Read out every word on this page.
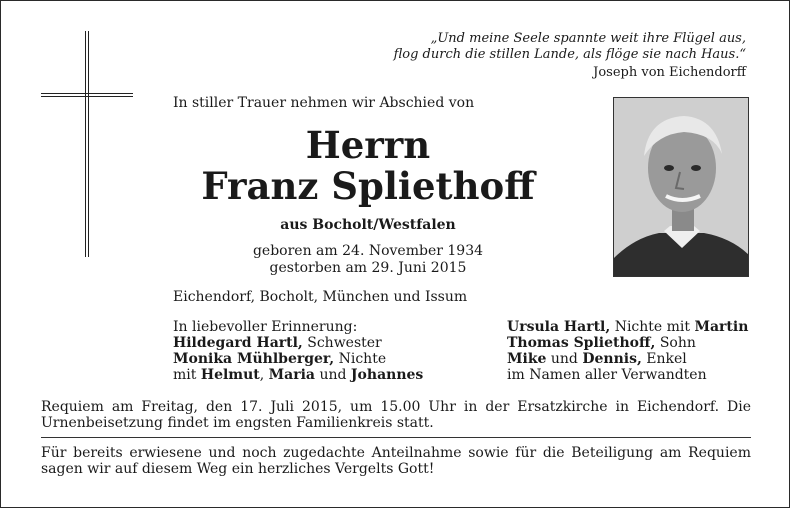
„Und meine Seele spannte weit ihre Flügel aus,
flog durch die stillen Lande, als flöge sie nach Haus.“
Joseph von Eichendorff
In stiller Trauer nehmen wir Abschied von
Herrn
Franz Spliethoff
aus Bocholt/Westfalen
geboren am 24. November 1934
gestorben am 29. Juni 2015
Eichendorf, Bocholt, München und Issum
In liebevoller Erinnerung:
Hildegard Hartl, Schwester
Monika Mühlberger, Nichte
mit Helmut, Maria und Johannes
Ursula Hartl, Nichte mit Martin
Thomas Spliethoff, Sohn
Mike und Dennis, Enkel
im Namen aller Verwandten
Requiem am Freitag, den 17. Juli 2015, um 15.00 Uhr in der Ersatzkirche in Eichendorf. Die Urnenbeisetzung findet im engsten Familienkreis statt.
Für bereits erwiesene und noch zugedachte Anteilnahme sowie für die Beteiligung am Requiem sagen wir auf diesem Weg ein herzliches Vergelts Gott!
